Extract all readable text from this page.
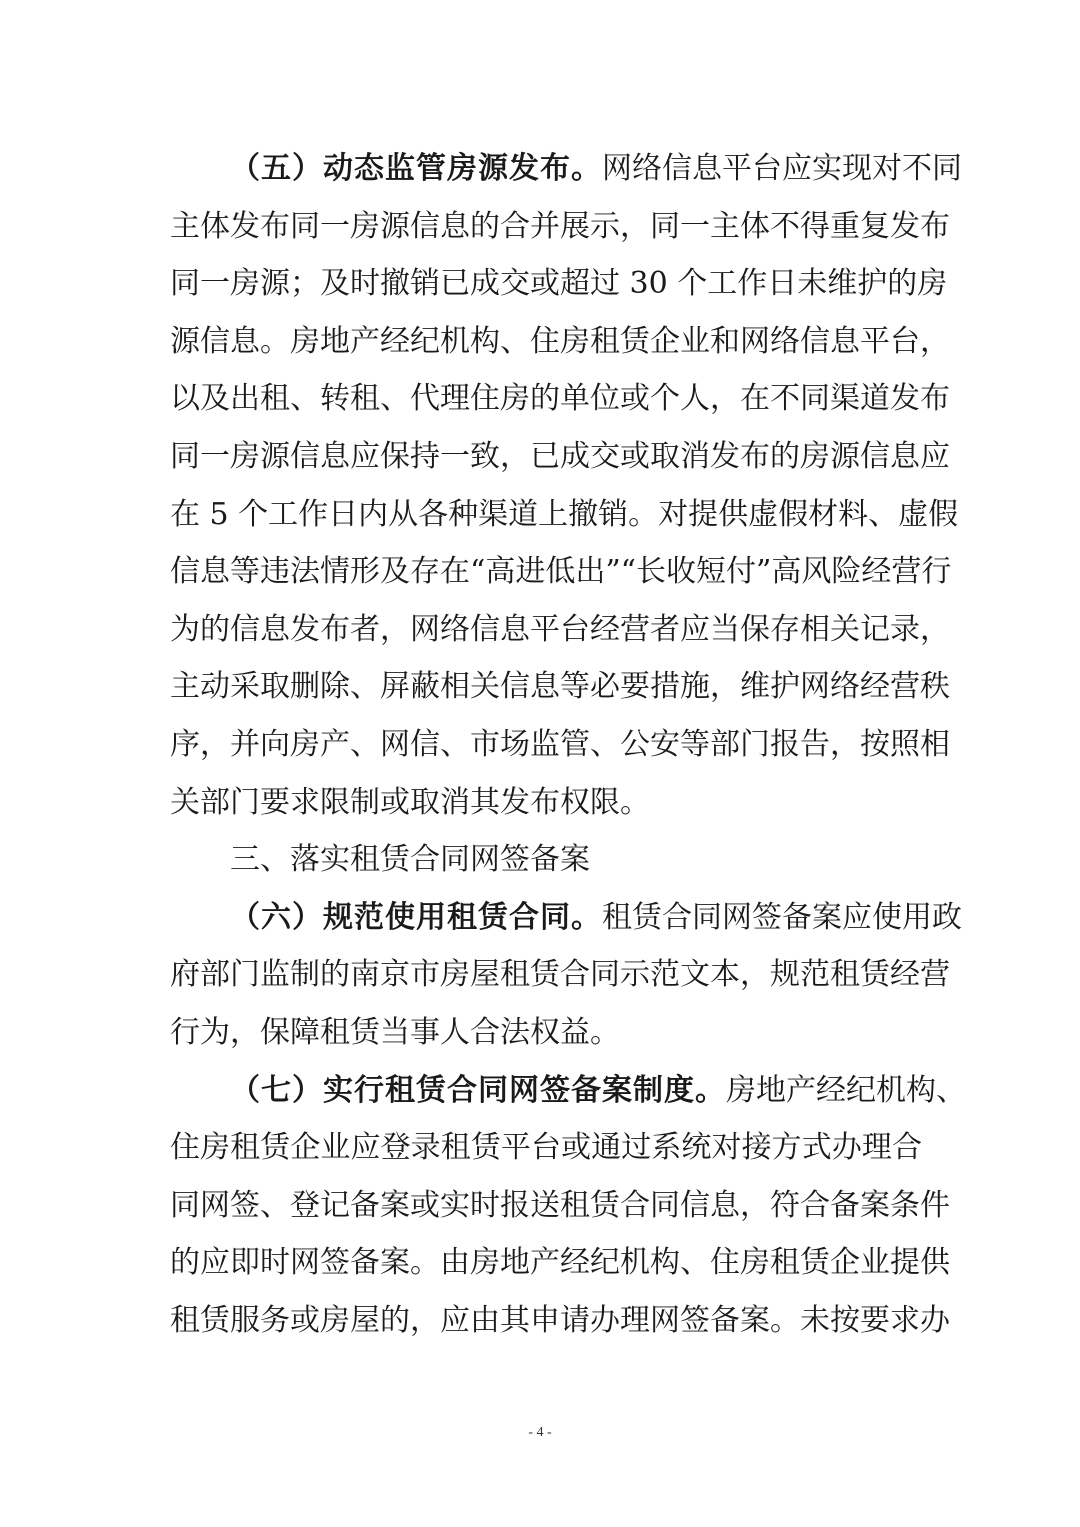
（五）动态监管房源发布。网络信息平台应实现对不同
主体发布同一房源信息的合并展示，同一主体不得重复发布
同一房源；及时撤销已成交或超过 30 个工作日未维护的房
源信息。房地产经纪机构、住房租赁企业和网络信息平台，
以及出租、转租、代理住房的单位或个人，在不同渠道发布
同一房源信息应保持一致，已成交或取消发布的房源信息应
在 5 个工作日内从各种渠道上撤销。对提供虚假材料、虚假
信息等违法情形及存在“高进低出”“长收短付”高风险经营行
为的信息发布者，网络信息平台经营者应当保存相关记录，
主动采取删除、屏蔽相关信息等必要措施，维护网络经营秩
序，并向房产、网信、市场监管、公安等部门报告，按照相
关部门要求限制或取消其发布权限。
三、落实租赁合同网签备案
（六）规范使用租赁合同。租赁合同网签备案应使用政
府部门监制的南京市房屋租赁合同示范文本，规范租赁经营
行为，保障租赁当事人合法权益。
（七）实行租赁合同网签备案制度。房地产经纪机构、
住房租赁企业应登录租赁平台或通过系统对接方式办理合
同网签、登记备案或实时报送租赁合同信息，符合备案条件
的应即时网签备案。由房地产经纪机构、住房租赁企业提供
租赁服务或房屋的，应由其申请办理网签备案。未按要求办
- 4 -
